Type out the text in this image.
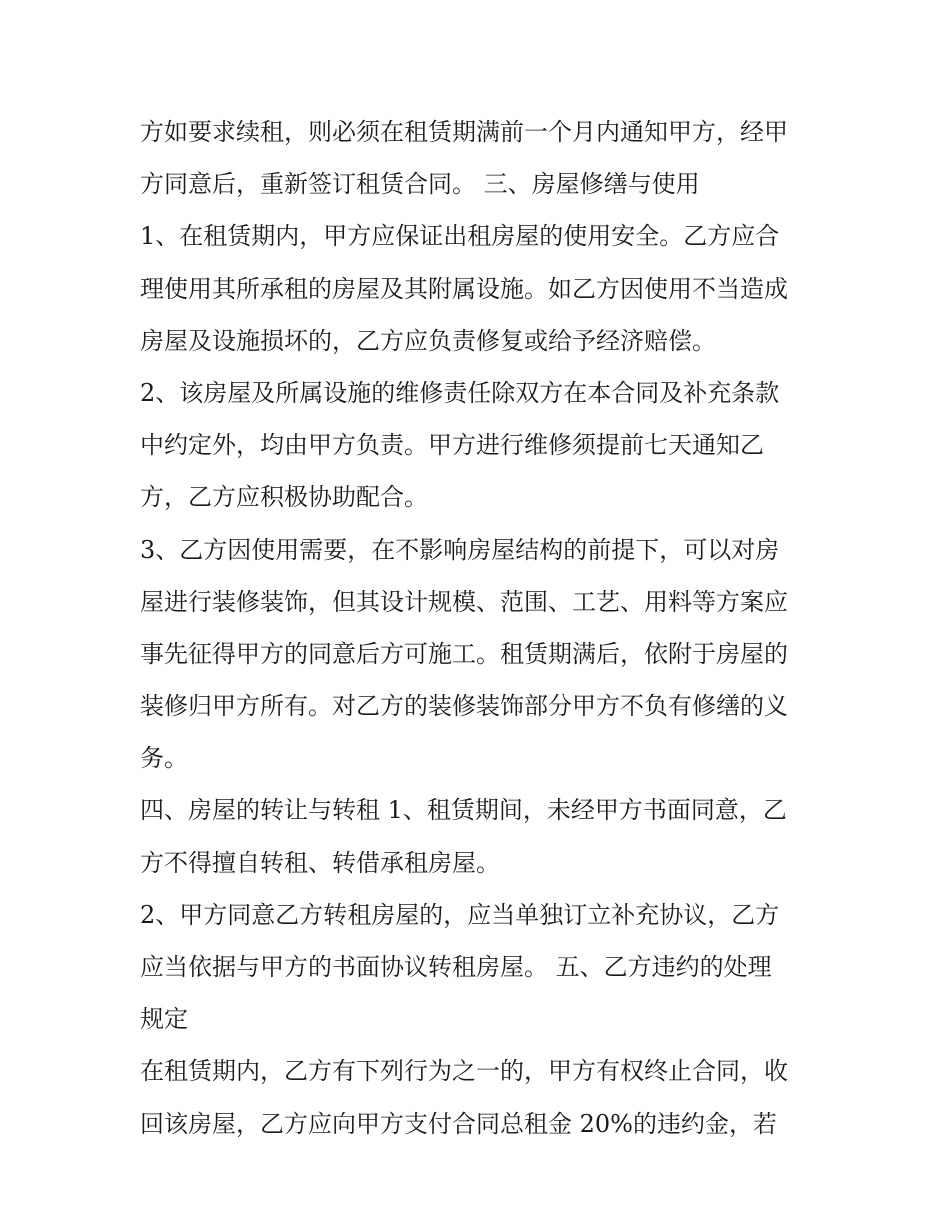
方如要求续租，则必须在租赁期满前一个月内通知甲方，经甲
方同意后，重新签订租赁合同。 三、房屋修缮与使用
1、在租赁期内，甲方应保证出租房屋的使用安全。乙方应合
理使用其所承租的房屋及其附属设施。如乙方因使用不当造成
房屋及设施损坏的，乙方应负责修复或给予经济赔偿。
2、该房屋及所属设施的维修责任除双方在本合同及补充条款
中约定外，均由甲方负责。甲方进行维修须提前七天通知乙
方，乙方应积极协助配合。
3、乙方因使用需要，在不影响房屋结构的前提下，可以对房
屋进行装修装饰，但其设计规模、范围、工艺、用料等方案应
事先征得甲方的同意后方可施工。租赁期满后，依附于房屋的
装修归甲方所有。对乙方的装修装饰部分甲方不负有修缮的义
务。
四、房屋的转让与转租 1、租赁期间，未经甲方书面同意，乙
方不得擅自转租、转借承租房屋。
2、甲方同意乙方转租房屋的，应当单独订立补充协议，乙方
应当依据与甲方的书面协议转租房屋。 五、乙方违约的处理
规定
在租赁期内，乙方有下列行为之一的，甲方有权终止合同，收
回该房屋，乙方应向甲方支付合同总租金 20%的违约金，若
